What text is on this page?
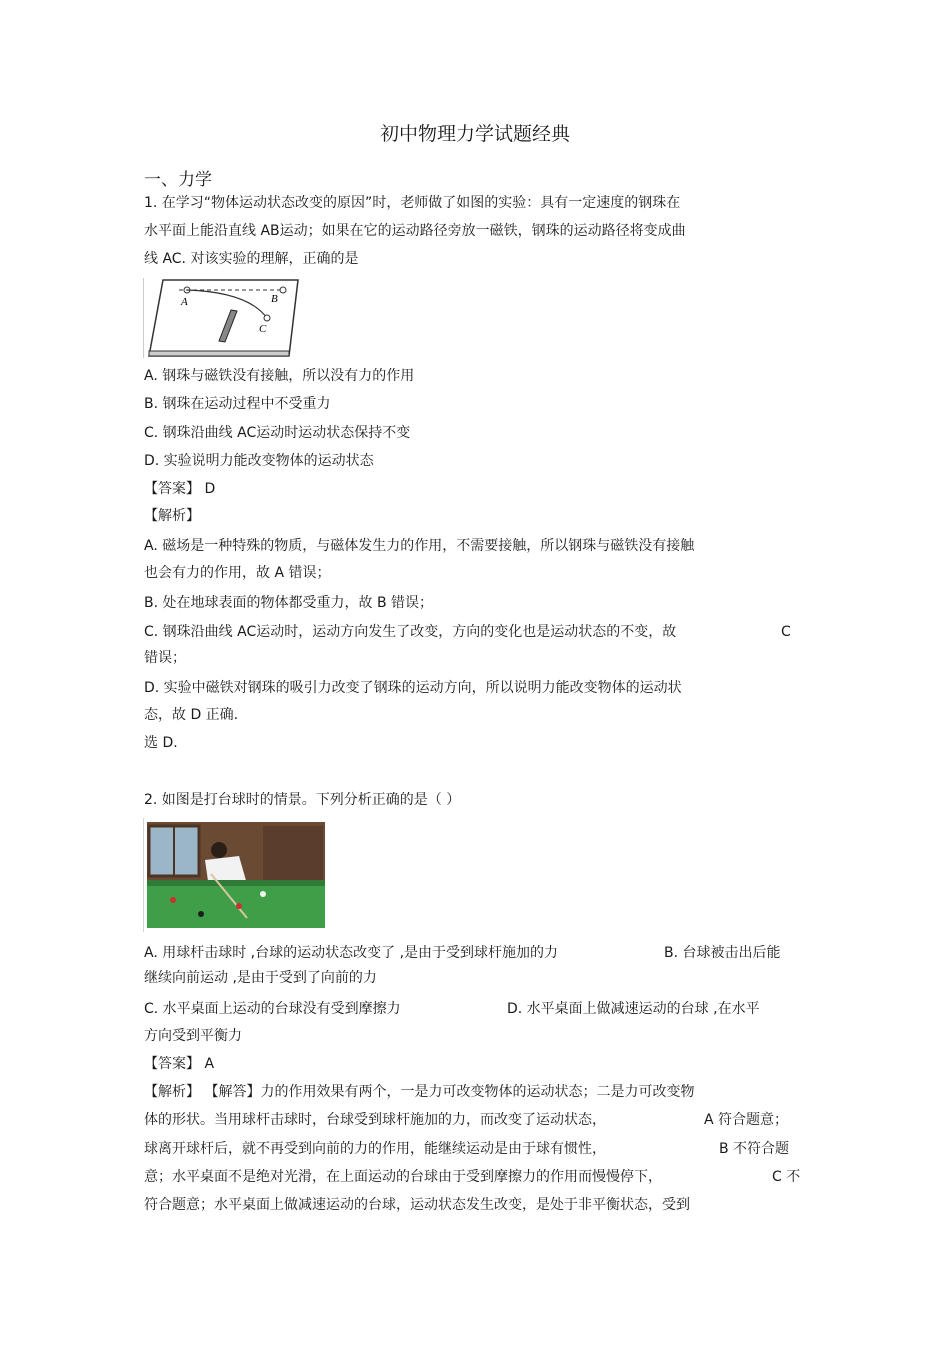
初中物理力学试题经典
一、力学
1. 在学习“物体运动状态改变的原因”时，老师做了如图的实验：具有一定速度的钢珠在
水平面上能沿直线 AB运动；如果在它的运动路径旁放一磁铁，钢珠的运动路径将变成曲
线 AC. 对该实验的理解，正确的是
A	B
C
A. 钢珠与磁铁没有接触，所以没有力的作用
B. 钢珠在运动过程中不受重力
C. 钢珠沿曲线 AC运动时运动状态保持不变
D. 实验说明力能改变物体的运动状态
【答案】 D
【解析】
A. 磁场是一种特殊的物质，与磁体发生力的作用，不需要接触，所以钢珠与磁铁没有接触
也会有力的作用，故 A 错误；
B. 处在地球表面的物体都受重力，故 B 错误；
C. 钢珠沿曲线 AC运动时，运动方向发生了改变，方向的变化也是运动状态的不变，故	C
错误；
D. 实验中磁铁对钢珠的吸引力改变了钢珠的运动方向，所以说明力能改变物体的运动状
态，故 D 正确.
选 D.
2. 如图是打台球时的情景。下列分析正确的是（ ）
A. 用球杆击球时 ,台球的运动状态改变了 ,是由于受到球杆施加的力	B. 台球被击出后能
继续向前运动 ,是由于受到了向前的力
C. 水平桌面上运动的台球没有受到摩擦力	D. 水平桌面上做减速运动的台球 ,在水平
方向受到平衡力
【答案】 A
【解析】 【解答】力的作用效果有两个，一是力可改变物体的运动状态；二是力可改变物
体的形状。当用球杆击球时，台球受到球杆施加的力，而改变了运动状态，	A 符合题意；
球离开球杆后，就不再受到向前的力的作用，能继续运动是由于球有惯性，	B 不符合题
意；水平桌面不是绝对光滑，在上面运动的台球由于受到摩擦力的作用而慢慢停下，	C 不
符合题意；水平桌面上做减速运动的台球，运动状态发生改变，是处于非平衡状态，受到
